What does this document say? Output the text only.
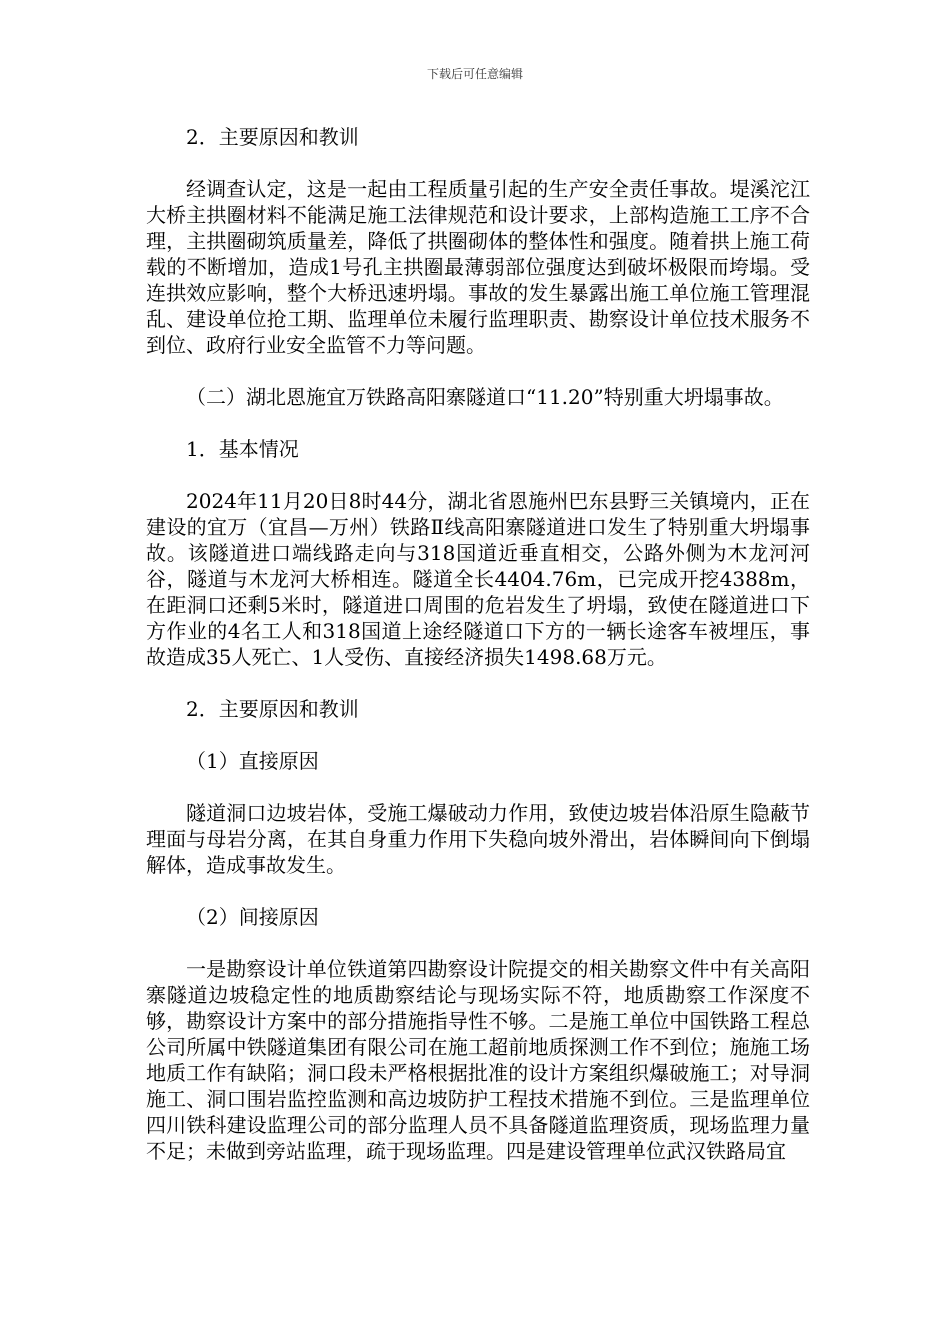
下载后可任意编辑

2．主要原因和教训

经调查认定，这是一起由工程质量引起的生产安全责任事故。堤溪沱江大桥主拱圈材料不能满足施工法律规范和设计要求，上部构造施工工序不合理，主拱圈砌筑质量差，降低了拱圈砌体的整体性和强度。随着拱上施工荷载的不断增加，造成1号孔主拱圈最薄弱部位强度达到破坏极限而垮塌。受连拱效应影响，整个大桥迅速坍塌。事故的发生暴露出施工单位施工管理混乱、建设单位抢工期、监理单位未履行监理职责、勘察设计单位技术服务不到位、政府行业安全监管不力等问题。

（二）湖北恩施宜万铁路高阳寨隧道口“11.20”特别重大坍塌事故。

1．基本情况

2024年11月20日8时44分，湖北省恩施州巴东县野三关镇境内，正在建设的宜万（宜昌—万州）铁路Ⅱ线高阳寨隧道进口发生了特别重大坍塌事故。该隧道进口端线路走向与318国道近垂直相交，公路外侧为木龙河河谷，隧道与木龙河大桥相连。隧道全长4404.76m，已完成开挖4388m，在距洞口还剩5米时，隧道进口周围的危岩发生了坍塌，致使在隧道进口下方作业的4名工人和318国道上途经隧道口下方的一辆长途客车被埋压，事故造成35人死亡、1人受伤、直接经济损失1498.68万元。

2．主要原因和教训

（1）直接原因

隧道洞口边坡岩体，受施工爆破动力作用，致使边坡岩体沿原生隐蔽节理面与母岩分离，在其自身重力作用下失稳向坡外滑出，岩体瞬间向下倒塌解体，造成事故发生。

（2）间接原因

一是勘察设计单位铁道第四勘察设计院提交的相关勘察文件中有关高阳寨隧道边坡稳定性的地质勘察结论与现场实际不符，地质勘察工作深度不够，勘察设计方案中的部分措施指导性不够。二是施工单位中国铁路工程总公司所属中铁隧道集团有限公司在施工超前地质探测工作不到位；施施工场地质工作有缺陷；洞口段未严格根据批准的设计方案组织爆破施工；对导洞施工、洞口围岩监控监测和高边坡防护工程技术措施不到位。三是监理单位四川铁科建设监理公司的部分监理人员不具备隧道监理资质，现场监理力量不足；未做到旁站监理，疏于现场监理。四是建设管理单位武汉铁路局宜
